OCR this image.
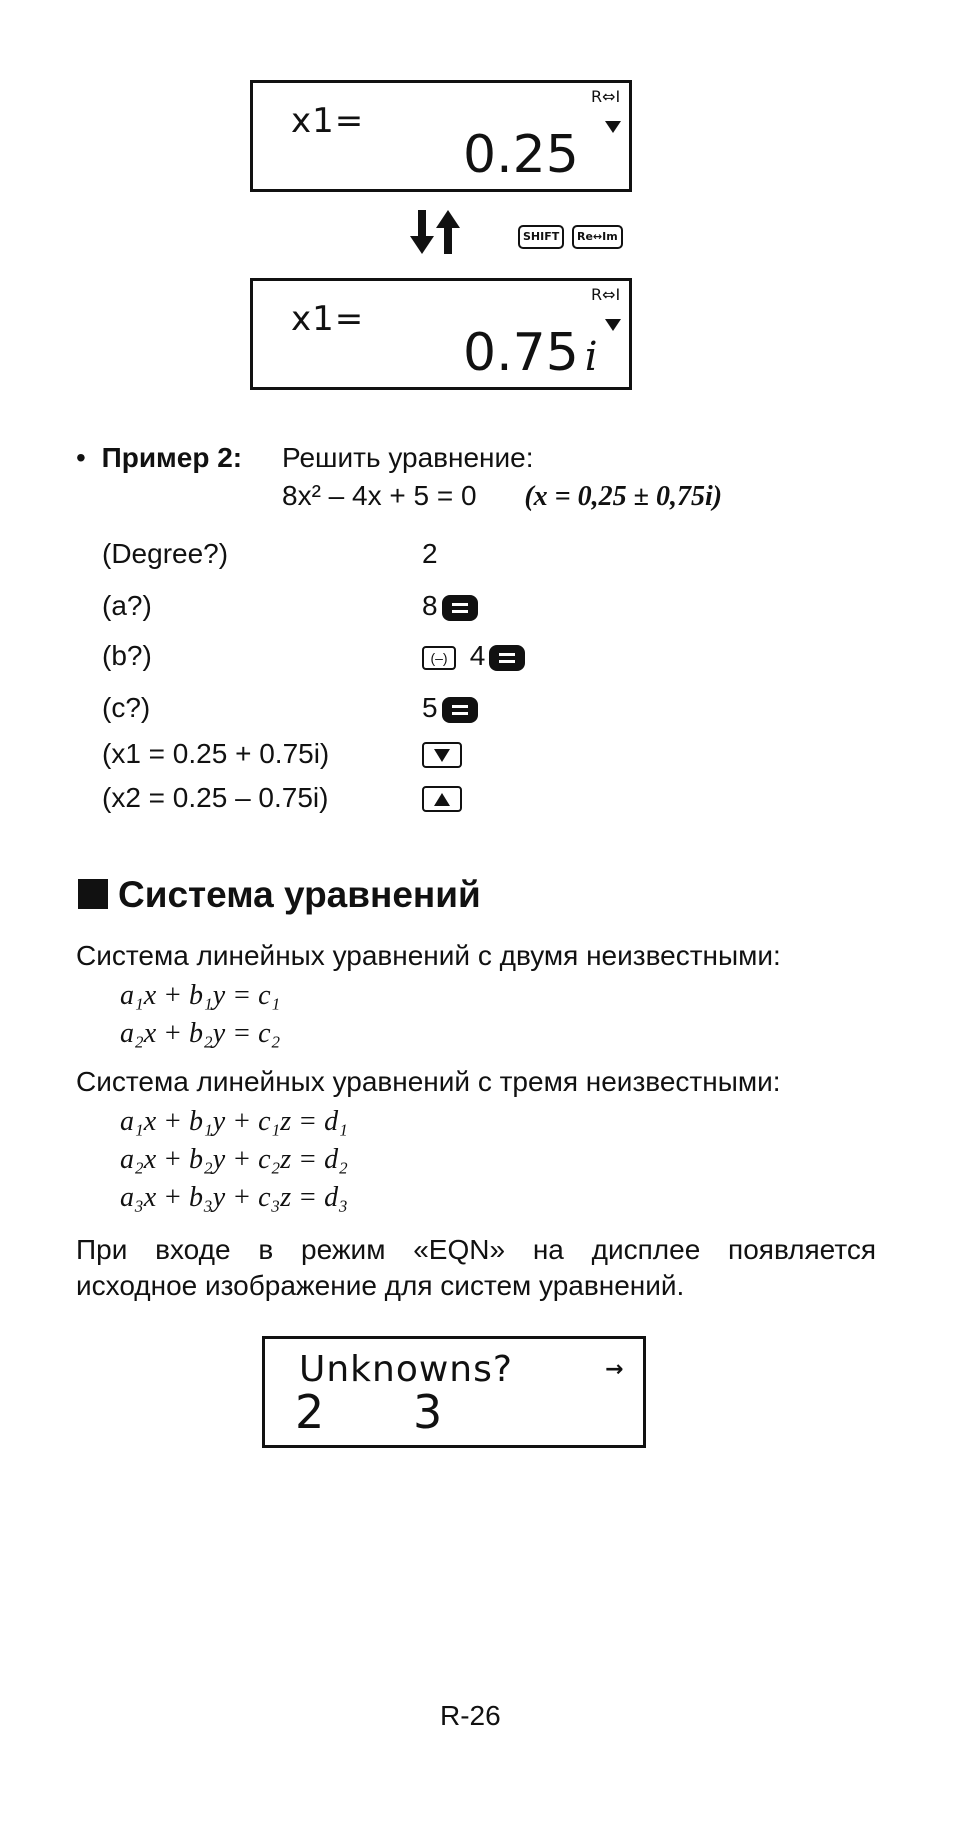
x1=
0.25
R⇔I
SHIFT	Re↔Im
x1=
0.75 i
R⇔I
• Пример 2: Решить уравнение:
8x² – 4x + 5 = 0 (x = 0,25 ± 0,75i)
(Degree?)	2
(a?)	8
(b?)	(–) 4
(c?)	5
(x1 = 0.25 + 0.75i)
(x2 = 0.25 – 0.75i)
Система уравнений
Система линейных уравнений с двумя неизвестными:
a₁x + b₁y = c₁
a₂x + b₂y = c₂
Система линейных уравнений с тремя неизвестными:
a₁x + b₁y + c₁z = d₁
a₂x + b₂y + c₂z = d₂
a₃x + b₃y + c₃z = d₃
При входе в режим «EQN» на дисплее появляется
исходное изображение для систем уравнений.
Unknowns?	→
2 3
R-26
